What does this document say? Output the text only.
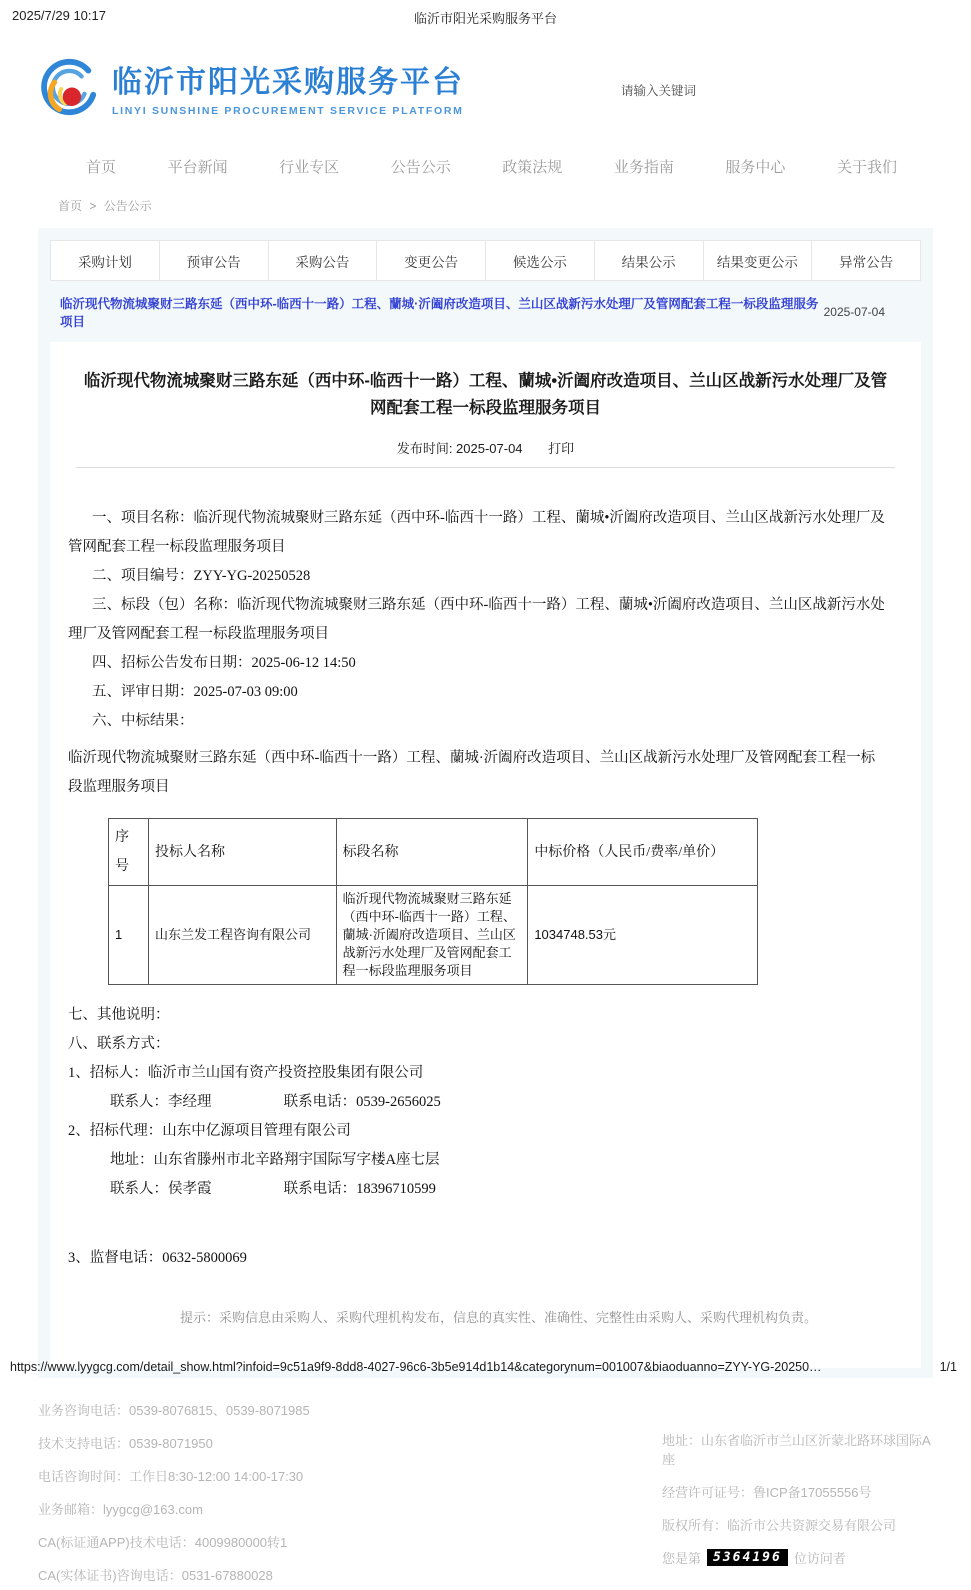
2025/7/29 10:17	临沂市阳光采购服务平台
临沂市阳光采购服务平台
LINYI SUNSHINE PROCUREMENT SERVICE PLATFORM
请输入关键词
首页	平台新闻	行业专区	公告公示	政策法规	业务指南	服务中心	关于我们
首页 > 公告公示
采购计划	预审公告	采购公告	变更公告	候选公示	结果公示	结果变更公示	异常公告
临沂现代物流城聚财三路东延（西中环-临西十一路）工程、蘭城·沂阖府改造项目、兰山区战新污水处理厂及管网配套工程一标段监理服务项目
2025-07-04
临沂现代物流城聚财三路东延（西中环-临西十一路）工程、蘭城•沂阖府改造项目、兰山区战新污水处理厂及管网配套工程一标段监理服务项目
发布时间: 2025-07-04 打印
一、项目名称：临沂现代物流城聚财三路东延（西中环-临西十一路）工程、蘭城•沂阖府改造项目、兰山区战新污水处理厂及管网配套工程一标段监理服务项目
二、项目编号：ZYY-YG-20250528
三、标段（包）名称：临沂现代物流城聚财三路东延（西中环-临西十一路）工程、蘭城•沂阖府改造项目、兰山区战新污水处理厂及管网配套工程一标段监理服务项目
四、招标公告发布日期：2025-06-12 14:50
五、评审日期：2025-07-03 09:00
六、中标结果：
临沂现代物流城聚财三路东延（西中环-临西十一路）工程、蘭城·沂阖府改造项目、兰山区战新污水处理厂及管网配套工程一标段监理服务项目
序号	投标人名称	标段名称	中标价格（人民币/费率/单价）
1	山东兰发工程咨询有限公司	临沂现代物流城聚财三路东延（西中环-临西十一路）工程、蘭城·沂阖府改造项目、兰山区战新污水处理厂及管网配套工程一标段监理服务项目	1034748.53元
七、其他说明：
八、联系方式：
1、招标人：临沂市兰山国有资产投资控股集团有限公司
联系人：李经理	联系电话：0539-2656025
2、招标代理：山东中亿源项目管理有限公司
地址：山东省滕州市北辛路翔宇国际写字楼A座七层
联系人：侯孝霞	联系电话：18396710599
3、监督电话：0632-5800069
提示：采购信息由采购人、采购代理机构发布，信息的真实性、准确性、完整性由采购人、采购代理机构负责。
业务咨询电话：0539-8076815、0539-8071985
技术支持电话：0539-8071950
电话咨询时间：工作日8:30-12:00 14:00-17:30
业务邮箱：lyygcg@163.com
CA(标证通APP)技术电话：4009980000转1
CA(实体证书)咨询电话：0531-67880028
地址：山东省临沂市兰山区沂蒙北路环球国际A座
经营许可证号：鲁ICP备17055556号
版权所有：临沂市公共资源交易有限公司
您是第 5364196 位访问者
https://www.lyygcg.com/detail_show.html?infoid=9c51a9f9-8dd8-4027-96c6-3b5e914d1b14&categorynum=001007&biaoduanno=ZYY-YG-20250…	1/1
